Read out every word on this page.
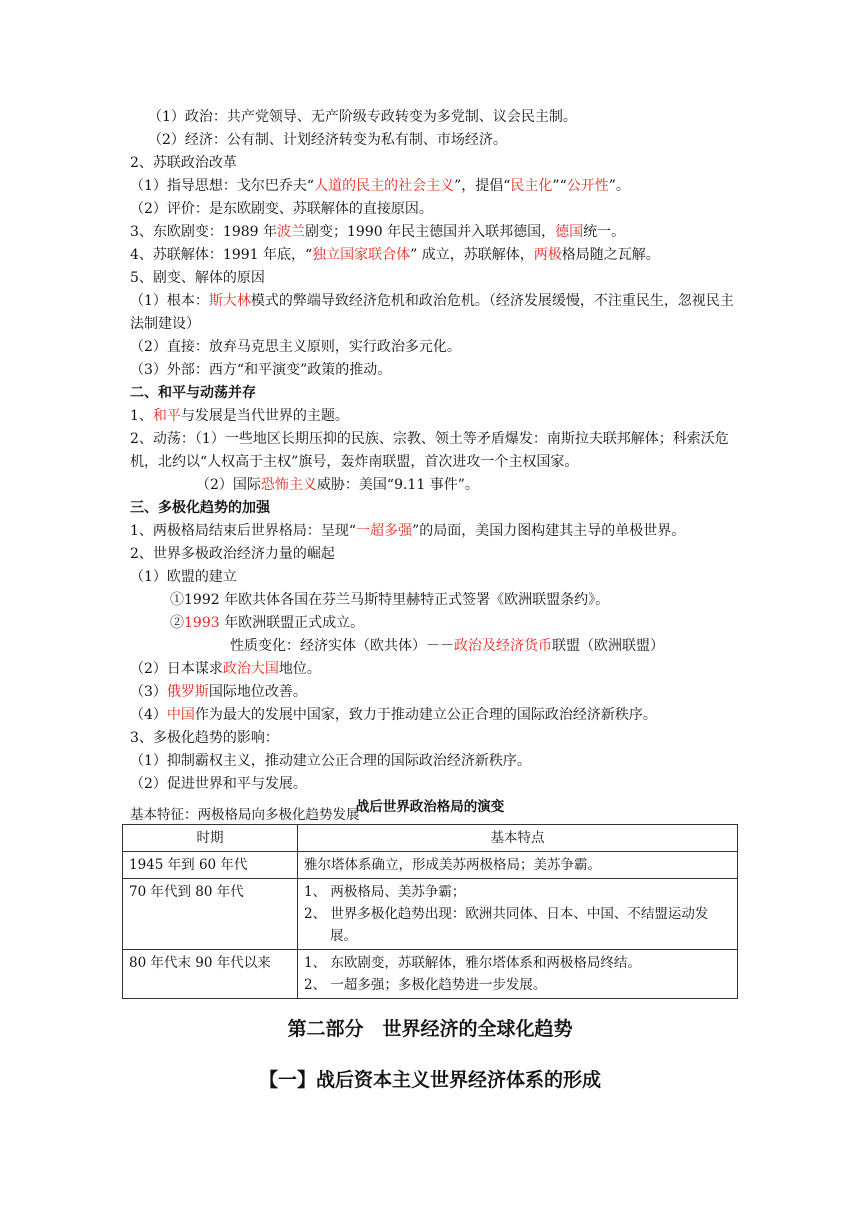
（1）政治：共产党领导、无产阶级专政转变为多党制、议会民主制。
（2）经济：公有制、计划经济转变为私有制、市场经济。
2、苏联政治改革
（1）指导思想：戈尔巴乔夫“人道的民主的社会主义”，提倡“民主化”“公开性”。
（2）评价：是东欧剧变、苏联解体的直接原因。
3、东欧剧变：1989 年波兰剧变；1990 年民主德国并入联邦德国，德国统一。
4、苏联解体：1991 年底，“独立国家联合体” 成立，苏联解体，两极格局随之瓦解。
5、剧变、解体的原因
（1）根本：斯大林模式的弊端导致经济危机和政治危机。（经济发展缓慢，不注重民生，忽视民主法制建设）
（2）直接：放弃马克思主义原则，实行政治多元化。
（3）外部：西方“和平演变”政策的推动。
二、和平与动荡并存
1、和平与发展是当代世界的主题。
2、动荡：（1）一些地区长期压抑的民族、宗教、领土等矛盾爆发：南斯拉夫联邦解体；科索沃危机，北约以“人权高于主权”旗号，轰炸南联盟，首次进攻一个主权国家。
（2）国际恐怖主义威胁：美国“9.11 事件”。
三、多极化趋势的加强
1、两极格局结束后世界格局：呈现“一超多强”的局面，美国力图构建其主导的单极世界。
2、世界多极政治经济力量的崛起
（1）欧盟的建立
①1992 年欧共体各国在芬兰马斯特里赫特正式签署《欧洲联盟条约》。
②1993 年欧洲联盟正式成立。
性质变化：经济实体（欧共体）－－政治及经济货币联盟（欧洲联盟）
（2）日本谋求政治大国地位。
（3）俄罗斯国际地位改善。
（4）中国作为最大的发展中国家，致力于推动建立公正合理的国际政治经济新秩序。
3、多极化趋势的影响：
（1）抑制霸权主义，推动建立公正合理的国际政治经济新秩序。
（2）促进世界和平与发展。
战后世界政治格局的演变
基本特征：两极格局向多极化趋势发展
时期	基本特点
1945 年到 60 年代	雅尔塔体系确立，形成美苏两极格局；美苏争霸。

70 年代到 80 年代	1、 两极格局、美苏争霸；
2、 世界多极化趋势出现：欧洲共同体、日本、中国、不结盟运动发展。

80 年代末 90 年代以来	1、 东欧剧变，苏联解体，雅尔塔体系和两极格局终结。
2、 一超多强；多极化趋势进一步发展。
第二部分　世界经济的全球化趋势
【一】战后资本主义世界经济体系的形成
